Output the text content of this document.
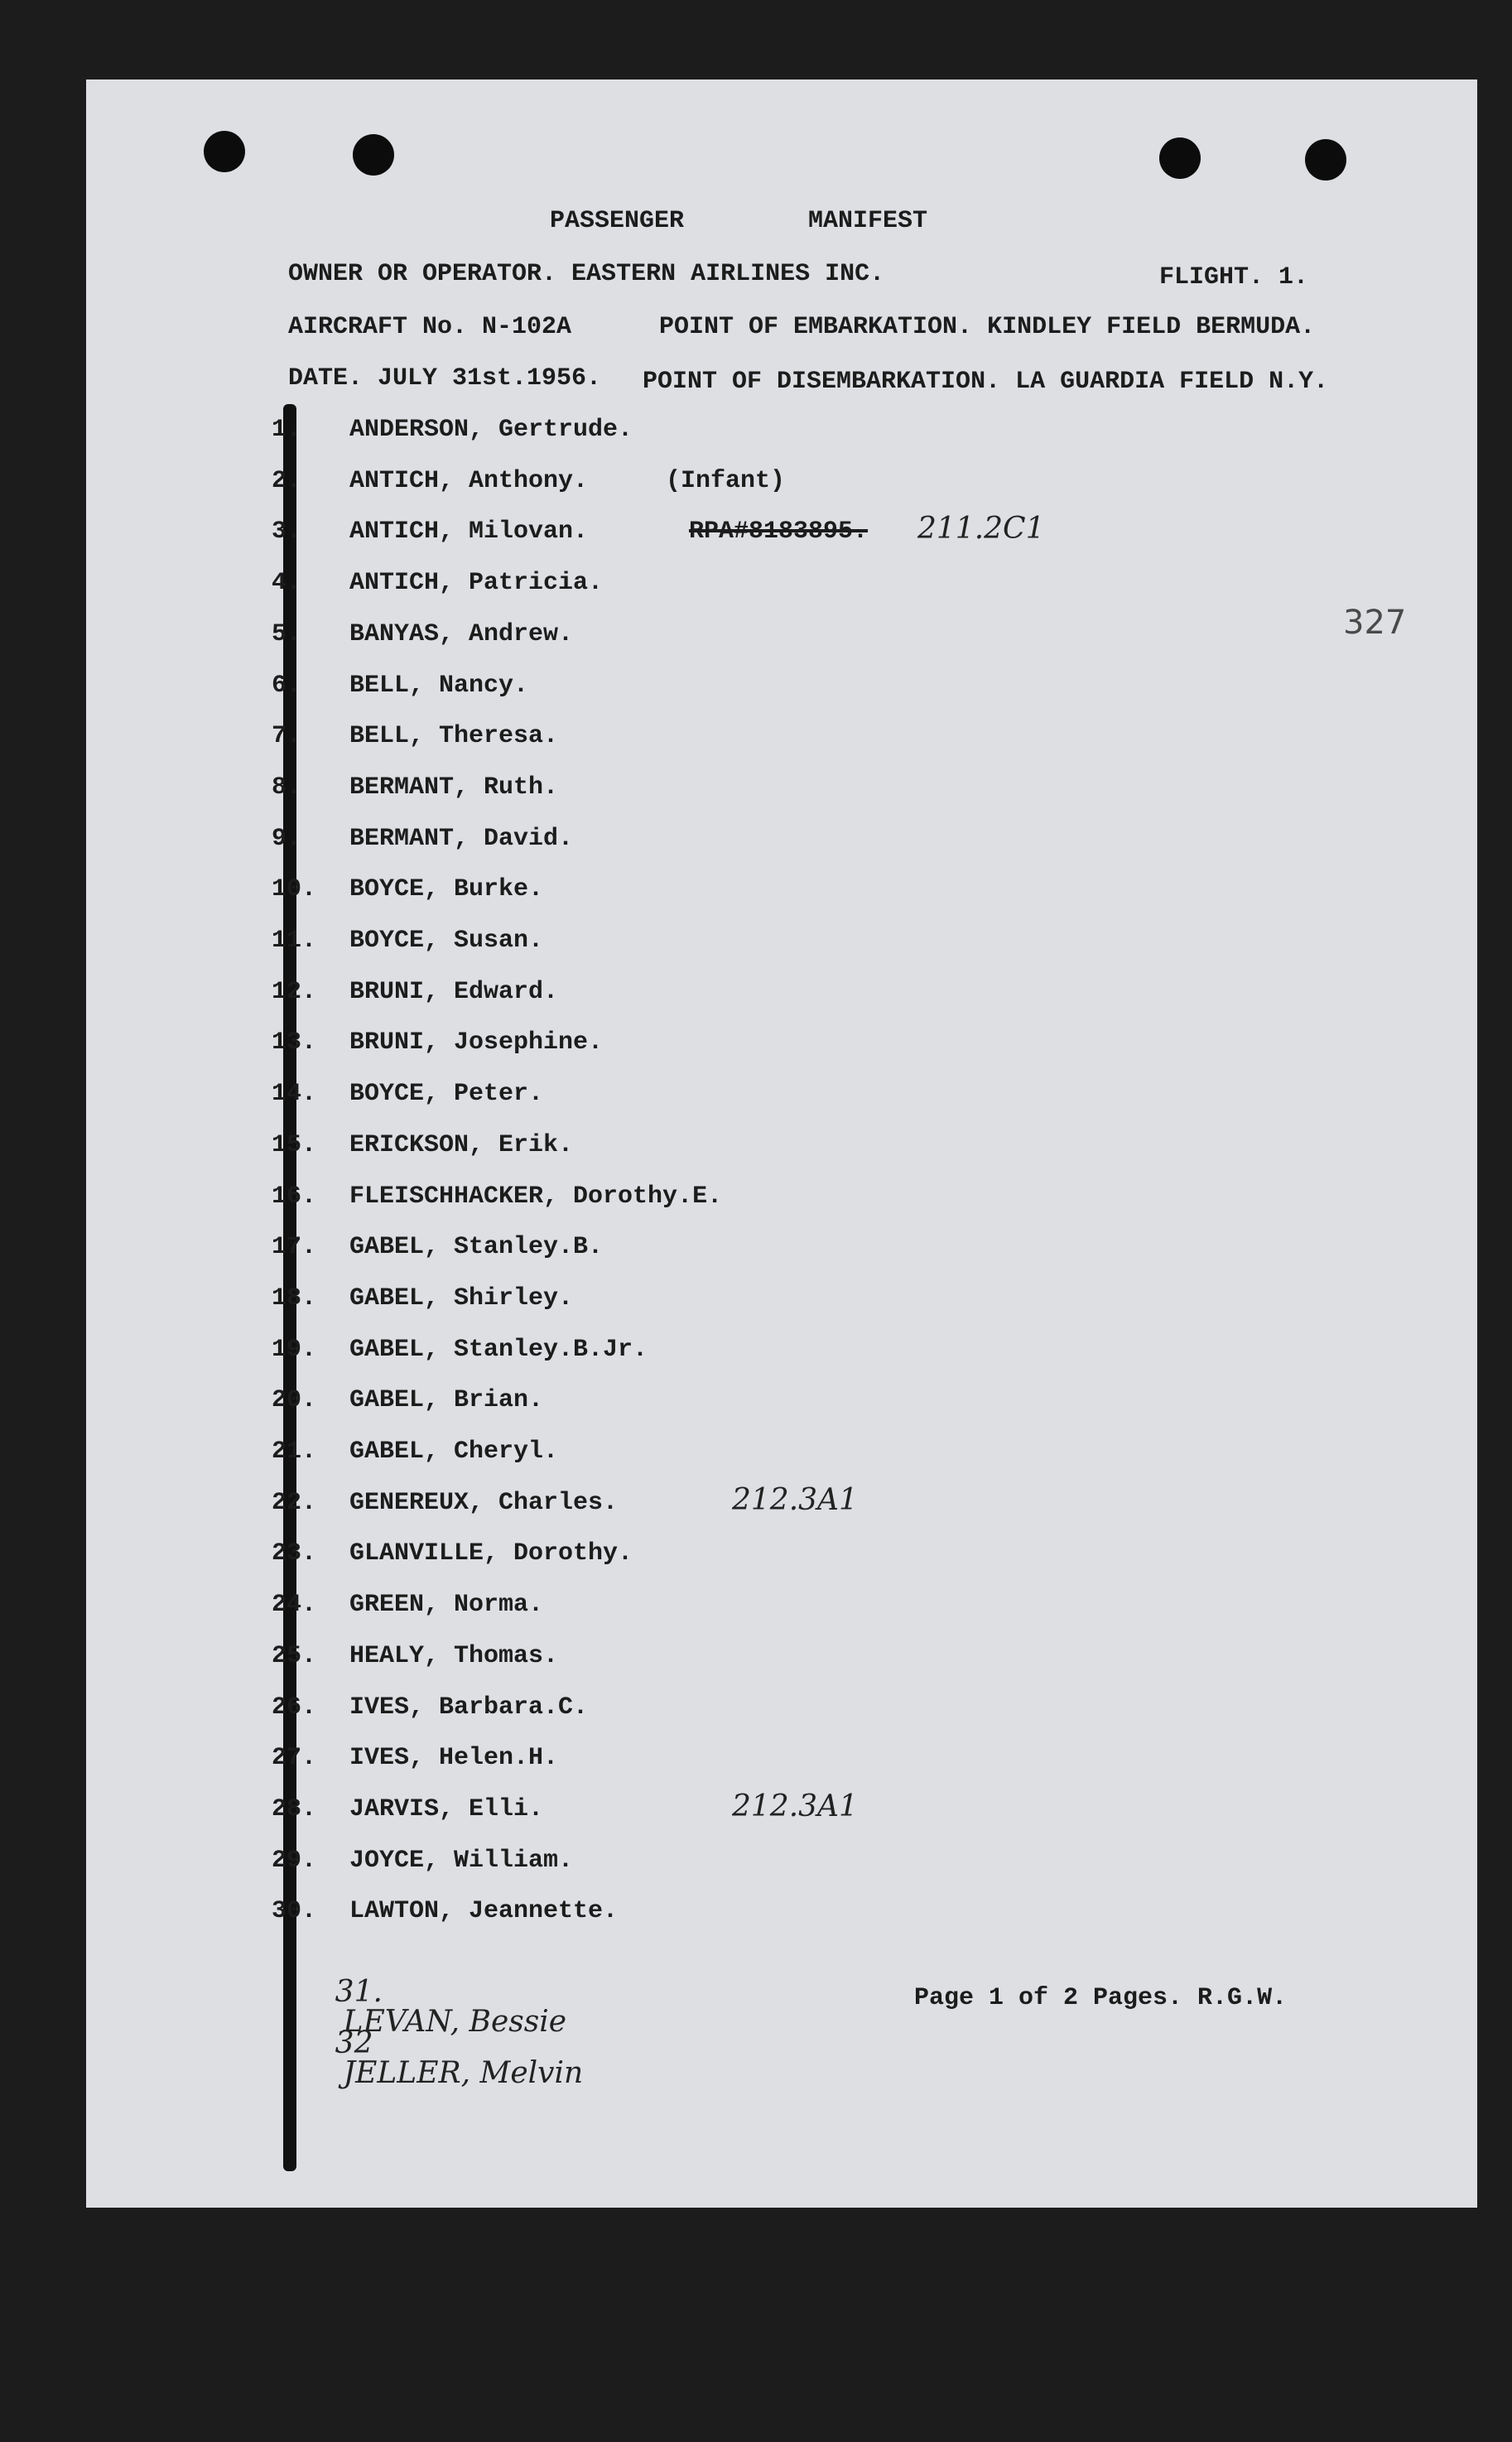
PASSENGER	MANIFEST
OWNER OR OPERATOR. EASTERN AIRLINES INC.	FLIGHT. 1.
AIRCRAFT No. N-102A	POINT OF EMBARKATION. KINDLEY FIELD BERMUDA.
DATE. JULY 31st.1956. POINT OF DISEMBARKATION. LA GUARDIA FIELD N.Y.
327
1.	ANDERSON, Gertrude.
2.	ANTICH, Anthony.	(Infant)
3.	ANTICH, Milovan.	RPA#8183895. 211.2C1
4.	ANTICH, Patricia.
5.	BANYAS, Andrew.
6.	BELL, Nancy.
7.	BELL, Theresa.
8.	BERMANT, Ruth.
9.	BERMANT, David.
10. BOYCE, Burke.
11. BOYCE, Susan.
12. BRUNI, Edward.
13. BRUNI, Josephine.
14. BOYCE, Peter.
15. ERICKSON, Erik.
16. FLEISCHHACKER, Dorothy.E.
17. GABEL, Stanley.B.
18. GABEL, Shirley.
19. GABEL, Stanley.B.Jr.
20. GABEL, Brian.
21. GABEL, Cheryl.
22. GENEREUX, Charles.	212.3A1
23. GLANVILLE, Dorothy.
24. GREEN, Norma.
25. HEALY, Thomas.
26. IVES, Barbara.C.
27. IVES, Helen.H.
28. JARVIS, Elli.	212.3A1
29. JOYCE, William.
30. LAWTON, Jeannette.

31.
LEVAN, Bessie

32
JELLER, Melvin

Page 1 of 2 Pages. R.G.W.
